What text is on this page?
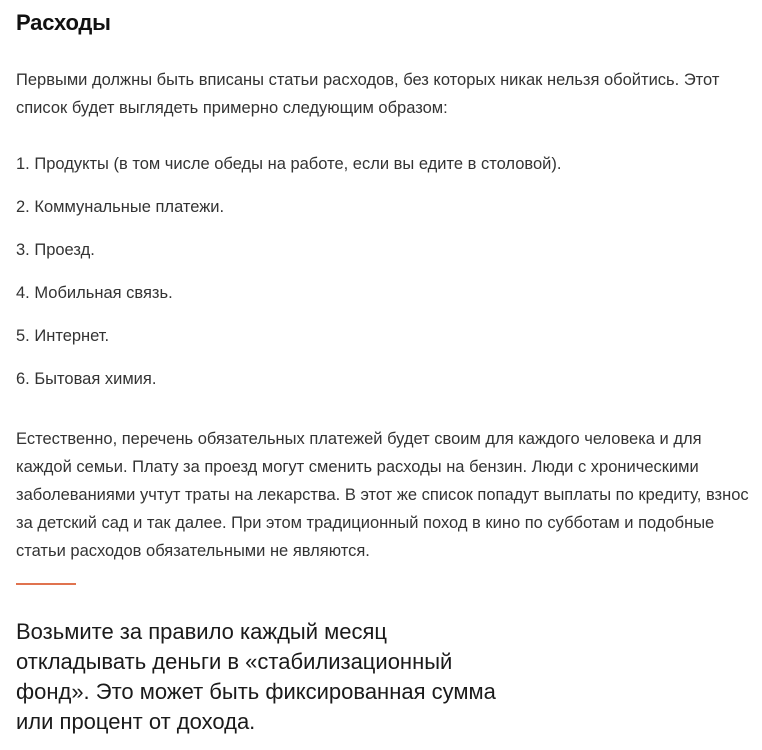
Расходы

Первыми должны быть вписаны статьи расходов, без которых никак нельзя обойтись. Этот список будет выглядеть примерно следующим образом:

1. Продукты (в том числе обеды на работе, если вы едите в столовой).
2. Коммунальные платежи.
3. Проезд.
4. Мобильная связь.
5. Интернет.
6. Бытовая химия.

Естественно, перечень обязательных платежей будет своим для каждого человека и для каждой семьи. Плату за проезд могут сменить расходы на бензин. Люди с хроническими заболеваниями учтут траты на лекарства. В этот же список попадут выплаты по кредиту, взнос за детский сад и так далее. При этом традиционный поход в кино по субботам и подобные статьи расходов обязательными не являются.

Возьмите за правило каждый месяц откладывать деньги в «стабилизационный фонд». Это может быть фиксированная сумма или процент от дохода.
